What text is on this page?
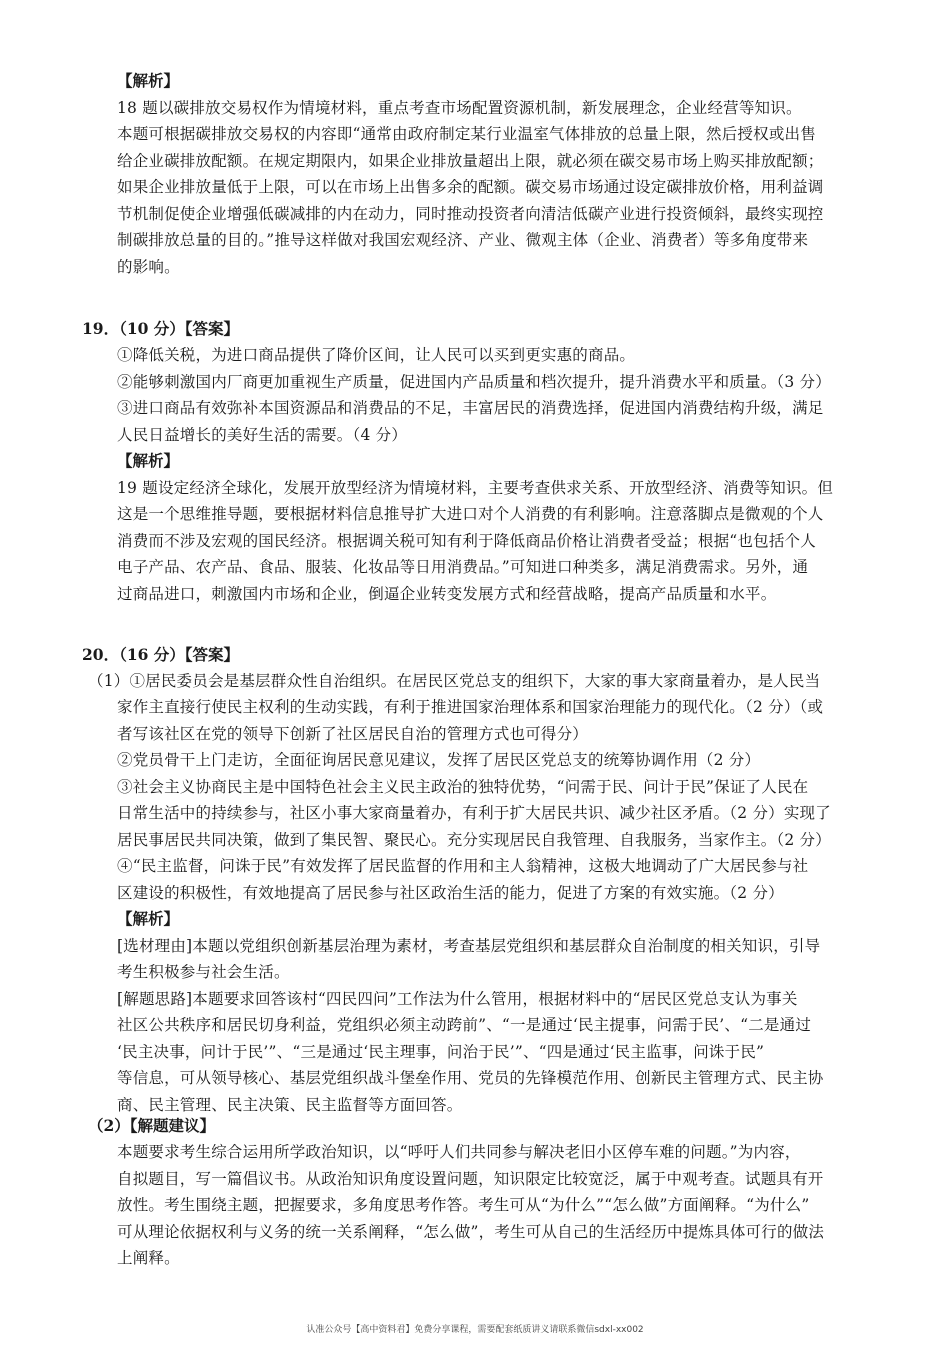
【解析】
18 题以碳排放交易权作为情境材料，重点考查市场配置资源机制，新发展理念，企业经营等知识。
本题可根据碳排放交易权的内容即“通常由政府制定某行业温室气体排放的总量上限，然后授权或出售
给企业碳排放配额。在规定期限内，如果企业排放量超出上限，就必须在碳交易市场上购买排放配额；
如果企业排放量低于上限，可以在市场上出售多余的配额。碳交易市场通过设定碳排放价格，用利益调
节机制促使企业增强低碳减排的内在动力，同时推动投资者向清洁低碳产业进行投资倾斜，最终实现控
制碳排放总量的目的。”推导这样做对我国宏观经济、产业、微观主体（企业、消费者）等多角度带来
的影响。
19．（10 分）【答案】
①降低关税，为进口商品提供了降价区间，让人民可以买到更实惠的商品。
②能够刺激国内厂商更加重视生产质量，促进国内产品质量和档次提升，提升消费水平和质量。（3 分）
③进口商品有效弥补本国资源品和消费品的不足，丰富居民的消费选择，促进国内消费结构升级，满足
人民日益增长的美好生活的需要。（4 分）
【解析】
19 题设定经济全球化，发展开放型经济为情境材料，主要考查供求关系、开放型经济、消费等知识。但
这是一个思维推导题，要根据材料信息推导扩大进口对个人消费的有利影响。注意落脚点是微观的个人
消费而不涉及宏观的国民经济。根据调关税可知有利于降低商品价格让消费者受益；根据“也包括个人
电子产品、农产品、食品、服装、化妆品等日用消费品。”可知进口种类多，满足消费需求。另外，通
过商品进口，刺激国内市场和企业，倒逼企业转变发展方式和经营战略，提高产品质量和水平。
20．（16 分）【答案】
（1）①居民委员会是基层群众性自治组织。在居民区党总支的组织下，大家的事大家商量着办，是人民当
家作主直接行使民主权利的生动实践，有利于推进国家治理体系和国家治理能力的现代化。（2 分）（或
者写该社区在党的领导下创新了社区居民自治的管理方式也可得分）
②党员骨干上门走访，全面征询居民意见建议，发挥了居民区党总支的统筹协调作用（2 分）
③社会主义协商民主是中国特色社会主义民主政治的独特优势，“问需于民、问计于民”保证了人民在
日常生活中的持续参与，社区小事大家商量着办，有利于扩大居民共识、减少社区矛盾。（2 分）实现了
居民事居民共同决策，做到了集民智、聚民心。充分实现居民自我管理、自我服务，当家作主。（2 分）
④“民主监督，问诛于民”有效发挥了居民监督的作用和主人翁精神，这极大地调动了广大居民参与社
区建设的积极性，有效地提高了居民参与社区政治生活的能力，促进了方案的有效实施。（2 分）
【解析】
[选材理由]本题以党组织创新基层治理为素材，考查基层党组织和基层群众自治制度的相关知识，引导
考生积极参与社会生活。
[解题思路]本题要求回答该村“四民四问”工作法为什么管用，根据材料中的“居民区党总支认为事关
社区公共秩序和居民切身利益，党组织必须主动跨前”、“一是通过‘民主提事，问需于民’、“二是通过
‘民主决事，问计于民’”、“三是通过‘民主理事，问治于民’”、“四是通过‘民主监事，问诛于民”
等信息，可从领导核心、基层党组织战斗堡垒作用、党员的先锋模范作用、创新民主管理方式、民主协
商、民主管理、民主决策、民主监督等方面回答。
（2）【解题建议】
本题要求考生综合运用所学政治知识，以“呼吁人们共同参与解决老旧小区停车难的问题。”为内容，
自拟题目，写一篇倡议书。从政治知识角度设置问题，知识限定比较宽泛，属于中观考查。试题具有开
放性。考生围绕主题，把握要求，多角度思考作答。考生可从“为什么”“怎么做”方面阐释。“为什么”
可从理论依据权利与义务的统一关系阐释，“怎么做”，考生可从自己的生活经历中提炼具体可行的做法
上阐释。
认准公众号【高中资料君】免费分享课程，需要配套纸质讲义请联系微信sdxl-xx002
